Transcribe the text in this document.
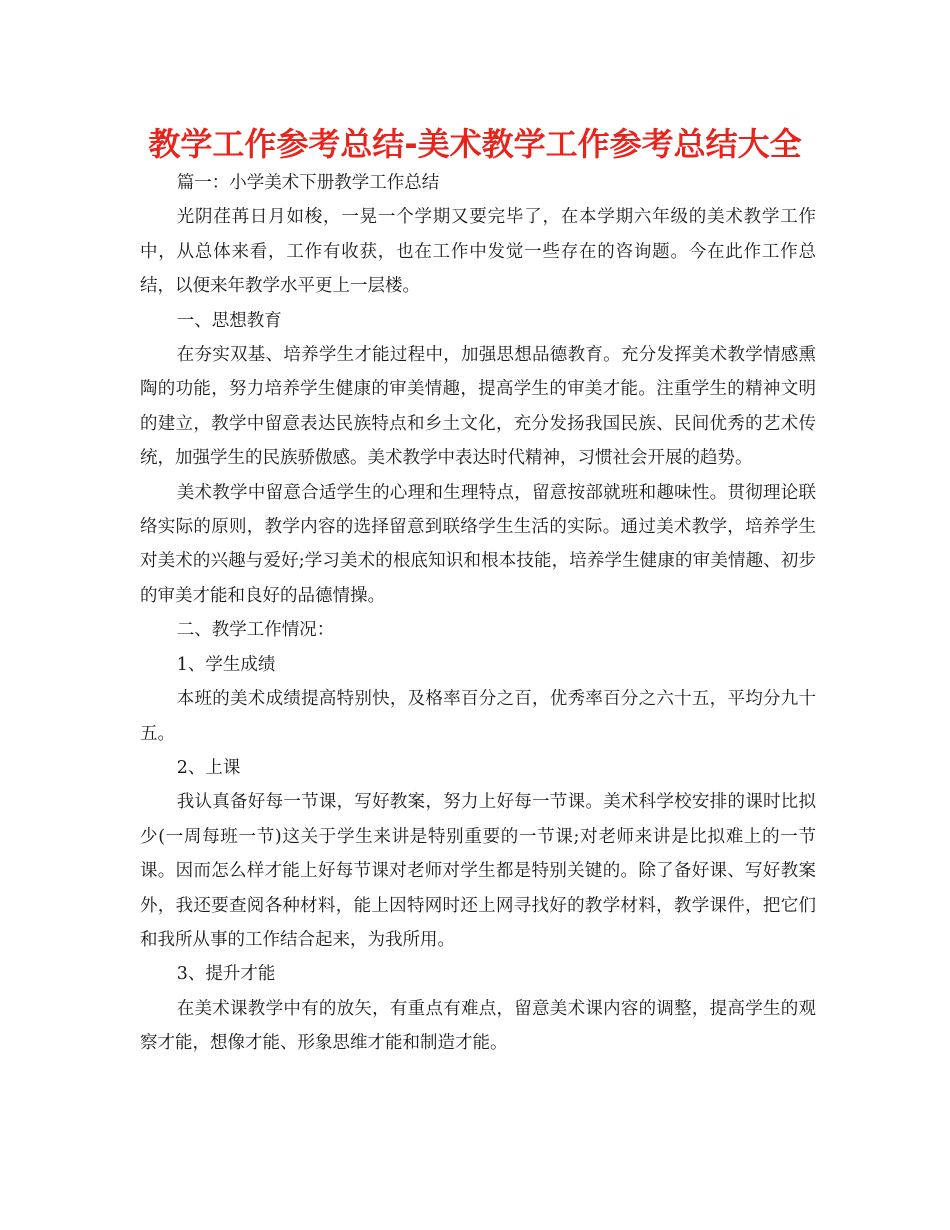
教学工作参考总结-美术教学工作参考总结大全

篇一：小学美术下册教学工作总结

光阴荏苒日月如梭，一晃一个学期又要完毕了，在本学期六年级的美术教学工作中，从总体来看，工作有收获，也在工作中发觉一些存在的咨询题。今在此作工作总结，以便来年教学水平更上一层楼。

一、思想教育

在夯实双基、培养学生才能过程中，加强思想品德教育。充分发挥美术教学情感熏陶的功能，努力培养学生健康的审美情趣，提高学生的审美才能。注重学生的精神文明的建立，教学中留意表达民族特点和乡土文化，充分发扬我国民族、民间优秀的艺术传统，加强学生的民族骄傲感。美术教学中表达时代精神，习惯社会开展的趋势。

美术教学中留意合适学生的心理和生理特点，留意按部就班和趣味性。贯彻理论联络实际的原则，教学内容的选择留意到联络学生生活的实际。通过美术教学，培养学生对美术的兴趣与爱好;学习美术的根底知识和根本技能，培养学生健康的审美情趣、初步的审美才能和良好的品德情操。

二、教学工作情况：

1、学生成绩

本班的美术成绩提高特别快，及格率百分之百，优秀率百分之六十五，平均分九十五。

2、上课

我认真备好每一节课，写好教案，努力上好每一节课。美术科学校安排的课时比拟少(一周每班一节)这关于学生来讲是特别重要的一节课;对老师来讲是比拟难上的一节课。因而怎么样才能上好每节课对老师对学生都是特别关键的。除了备好课、写好教案外，我还要查阅各种材料，能上因特网时还上网寻找好的教学材料，教学课件，把它们和我所从事的工作结合起来，为我所用。

3、提升才能

在美术课教学中有的放矢，有重点有难点，留意美术课内容的调整，提高学生的观察才能，想像才能、形象思维才能和制造才能。
